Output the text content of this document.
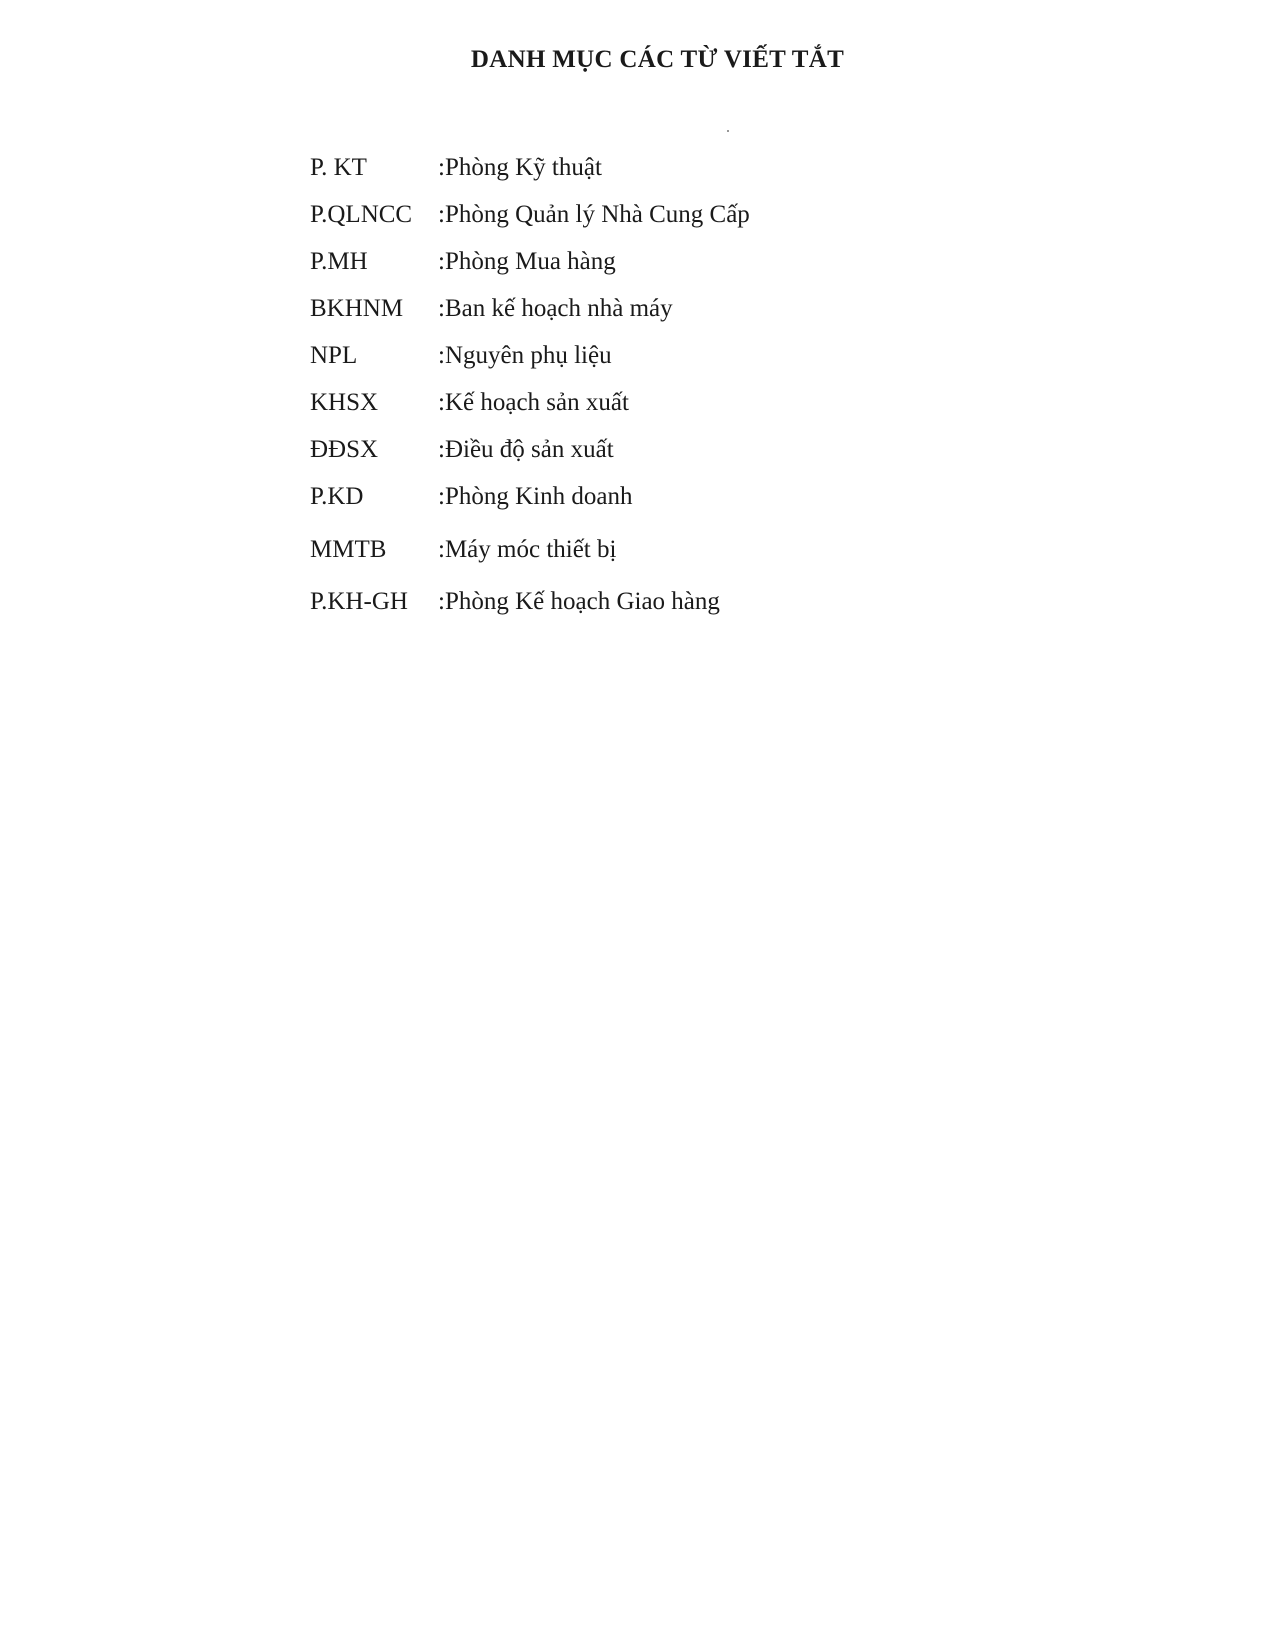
DANH MỤC CÁC TỪ VIẾT TẮT
P. KT	:Phòng Kỹ thuật
P.QLNCC :Phòng Quản lý Nhà Cung Cấp
P.MH	:Phòng Mua hàng
BKHNM :Ban kế hoạch nhà máy
NPL	:Nguyên phụ liệu
KHSX :Kế hoạch sản xuất
ĐĐSX :Điều độ sản xuất
P.KD	:Phòng Kinh doanh
MMTB :Máy móc thiết bị
P.KH-GH :Phòng Kế hoạch Giao hàng
